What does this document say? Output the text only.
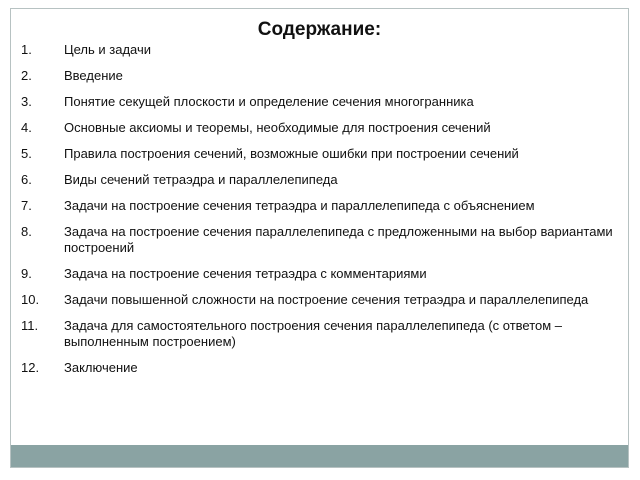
Содержание:
1.	Цель и задачи
2.	Введение
3.	Понятие секущей плоскости и определение сечения многогранника
4.	Основные аксиомы и теоремы, необходимые для построения сечений
5.	Правила построения сечений, возможные ошибки при построении сечений
6.	Виды сечений тетраэдра и параллелепипеда
7.	Задачи на построение сечения тетраэдра и параллелепипеда с объяснением
8.	Задача на построение сечения параллелепипеда с предложенными на выбор вариантами построений
9.	Задача на построение сечения тетраэдра с комментариями
10.	Задачи повышенной сложности на построение сечения тетраэдра и параллелепипеда
11.	Задача для самостоятельного построения сечения параллелепипеда (с ответом – выполненным построением)
12.	Заключение
